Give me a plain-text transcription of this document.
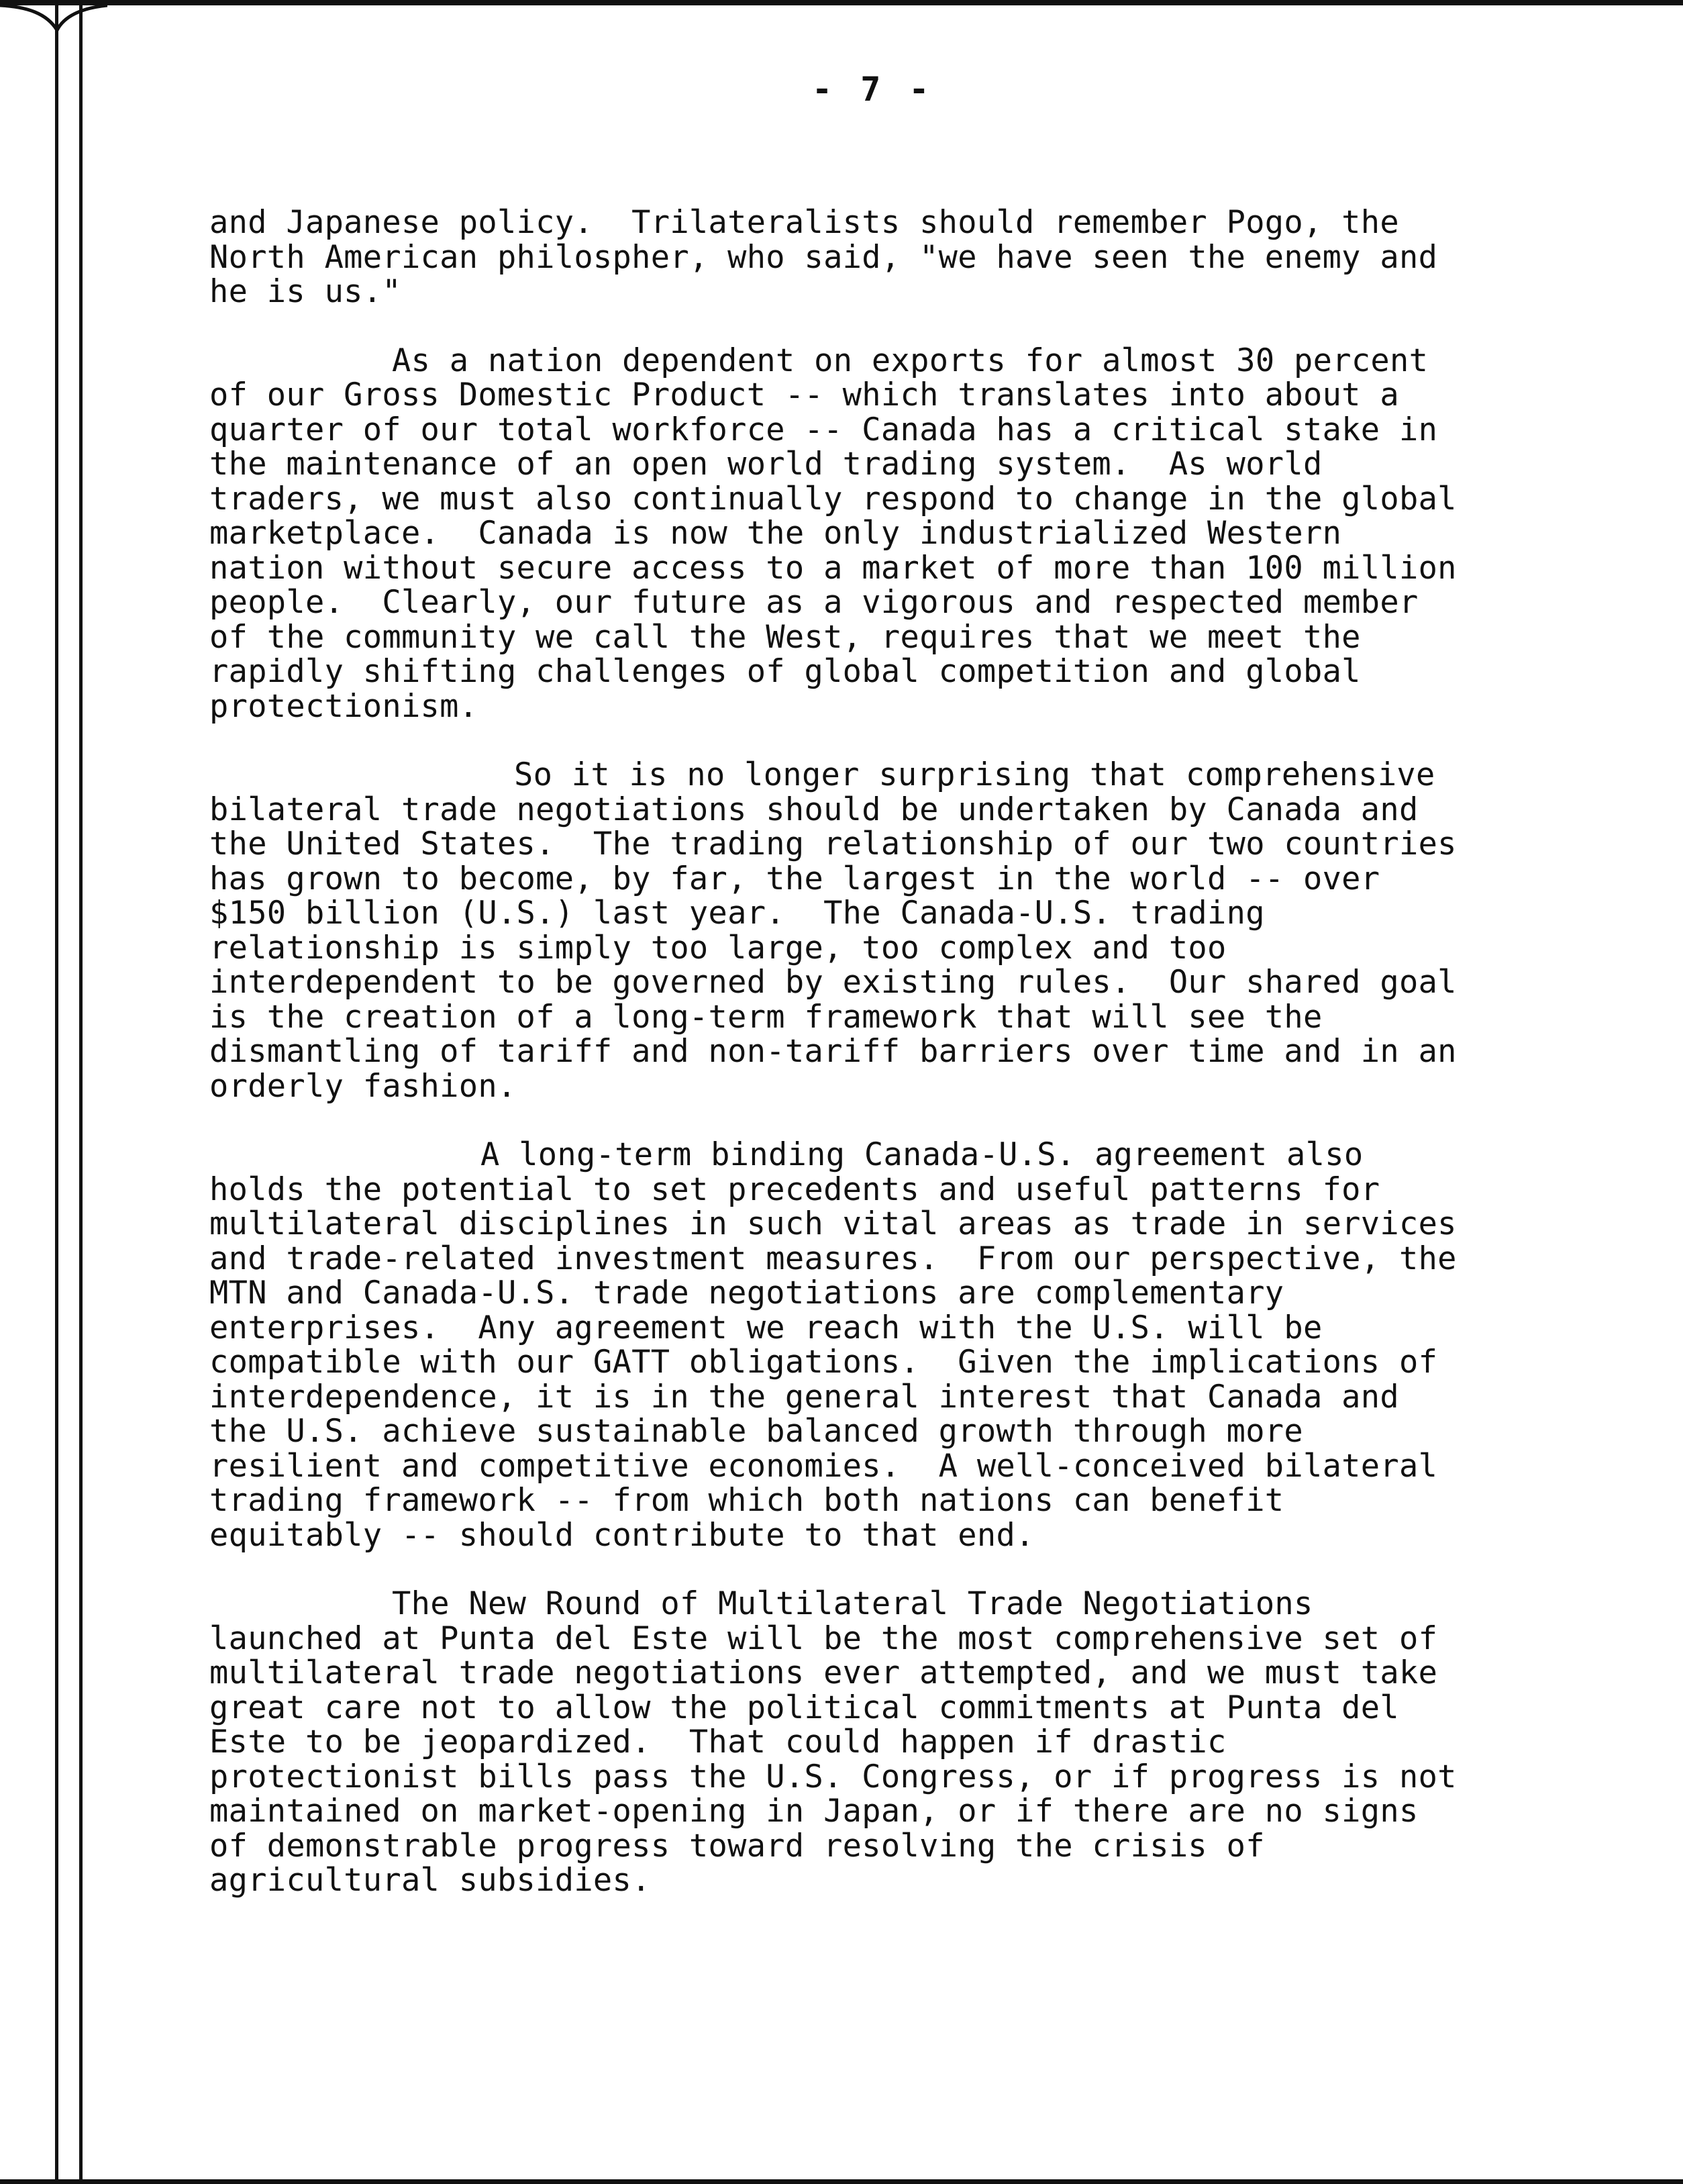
- 7 -
and Japanese policy.  Trilateralists should remember Pogo, the
North American philospher, who said, "we have seen the enemy and
he is us."
As a nation dependent on exports for almost 30 percent
of our Gross Domestic Product -- which translates into about a
quarter of our total workforce -- Canada has a critical stake in
the maintenance of an open world trading system.  As world
traders, we must also continually respond to change in the global
marketplace.  Canada is now the only industrialized Western
nation without secure access to a market of more than 100 million
people.  Clearly, our future as a vigorous and respected member
of the community we call the West, requires that we meet the
rapidly shifting challenges of global competition and global
protectionism.
So it is no longer surprising that comprehensive
bilateral trade negotiations should be undertaken by Canada and
the United States.  The trading relationship of our two countries
has grown to become, by far, the largest in the world -- over
$150 billion (U.S.) last year.  The Canada-U.S. trading
relationship is simply too large, too complex and too
interdependent to be governed by existing rules.  Our shared goal
is the creation of a long-term framework that will see the
dismantling of tariff and non-tariff barriers over time and in an
orderly fashion.
A long-term binding Canada-U.S. agreement also
holds the potential to set precedents and useful patterns for
multilateral disciplines in such vital areas as trade in services
and trade-related investment measures.  From our perspective, the
MTN and Canada-U.S. trade negotiations are complementary
enterprises.  Any agreement we reach with the U.S. will be
compatible with our GATT obligations.  Given the implications of
interdependence, it is in the general interest that Canada and
the U.S. achieve sustainable balanced growth through more
resilient and competitive economies.  A well-conceived bilateral
trading framework -- from which both nations can benefit
equitably -- should contribute to that end.
The New Round of Multilateral Trade Negotiations
launched at Punta del Este will be the most comprehensive set of
multilateral trade negotiations ever attempted, and we must take
great care not to allow the political commitments at Punta del
Este to be jeopardized.  That could happen if drastic
protectionist bills pass the U.S. Congress, or if progress is not
maintained on market-opening in Japan, or if there are no signs
of demonstrable progress toward resolving the crisis of
agricultural subsidies.
